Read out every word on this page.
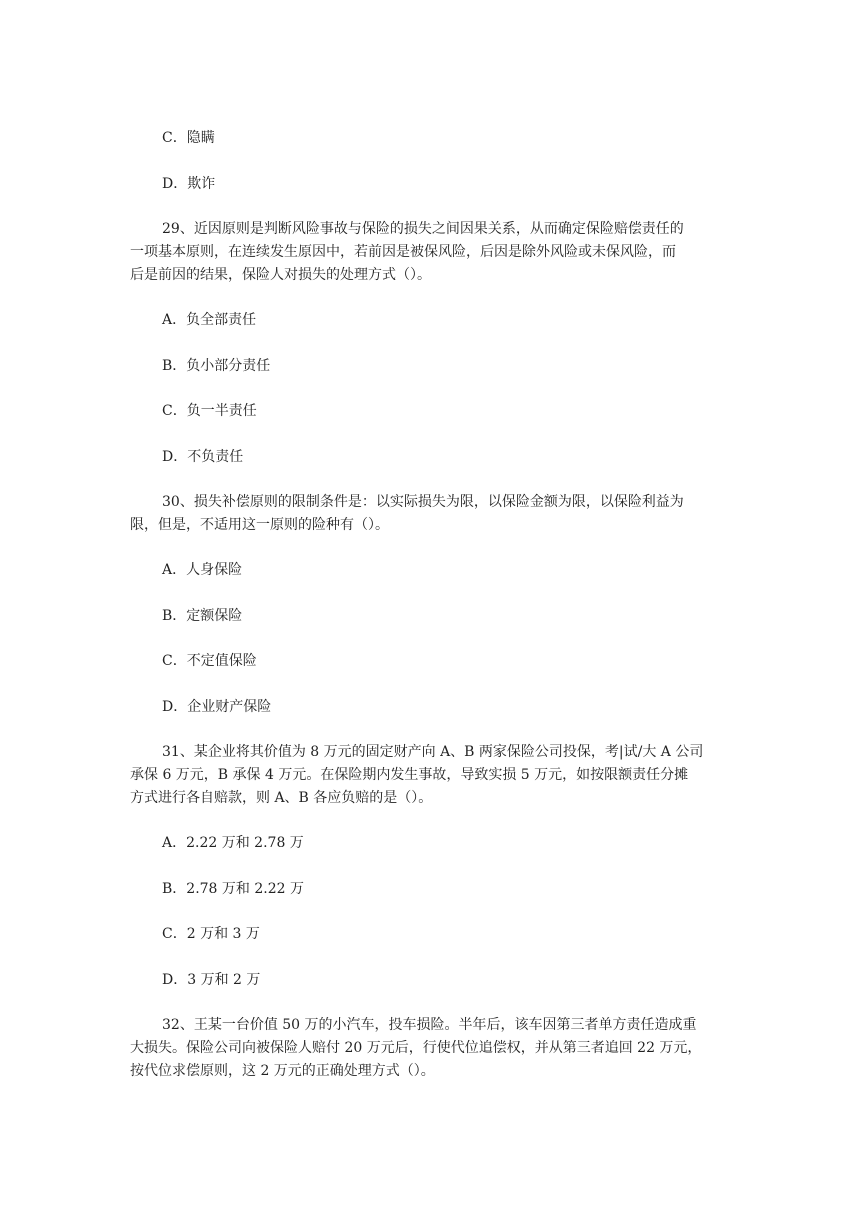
C．隐瞒
D．欺诈
29、近因原则是判断风险事故与保险的损失之间因果关系，从而确定保险赔偿责任的
一项基本原则，在连续发生原因中，若前因是被保风险，后因是除外风险或未保风险，而
后是前因的结果，保险人对损失的处理方式（）。
A．负全部责任
B．负小部分责任
C．负一半责任
D．不负责任
30、损失补偿原则的限制条件是：以实际损失为限，以保险金额为限，以保险利益为
限，但是，不适用这一原则的险种有（）。
A．人身保险
B．定额保险
C．不定值保险
D．企业财产保险
31、某企业将其价值为 8 万元的固定财产向 A、B 两家保险公司投保，考|试/大 A 公司
承保 6 万元，B 承保 4 万元。在保险期内发生事故，导致实损 5 万元，如按限额责任分摊
方式进行各自赔款，则 A、B 各应负赔的是（）。
A．2.22 万和 2.78 万
B．2.78 万和 2.22 万
C．2 万和 3 万
D．3 万和 2 万
32、王某一台价值 50 万的小汽车，投车损险。半年后，该车因第三者单方责任造成重
大损失。保险公司向被保险人赔付 20 万元后，行使代位追偿权，并从第三者追回 22 万元，
按代位求偿原则，这 2 万元的正确处理方式（）。
